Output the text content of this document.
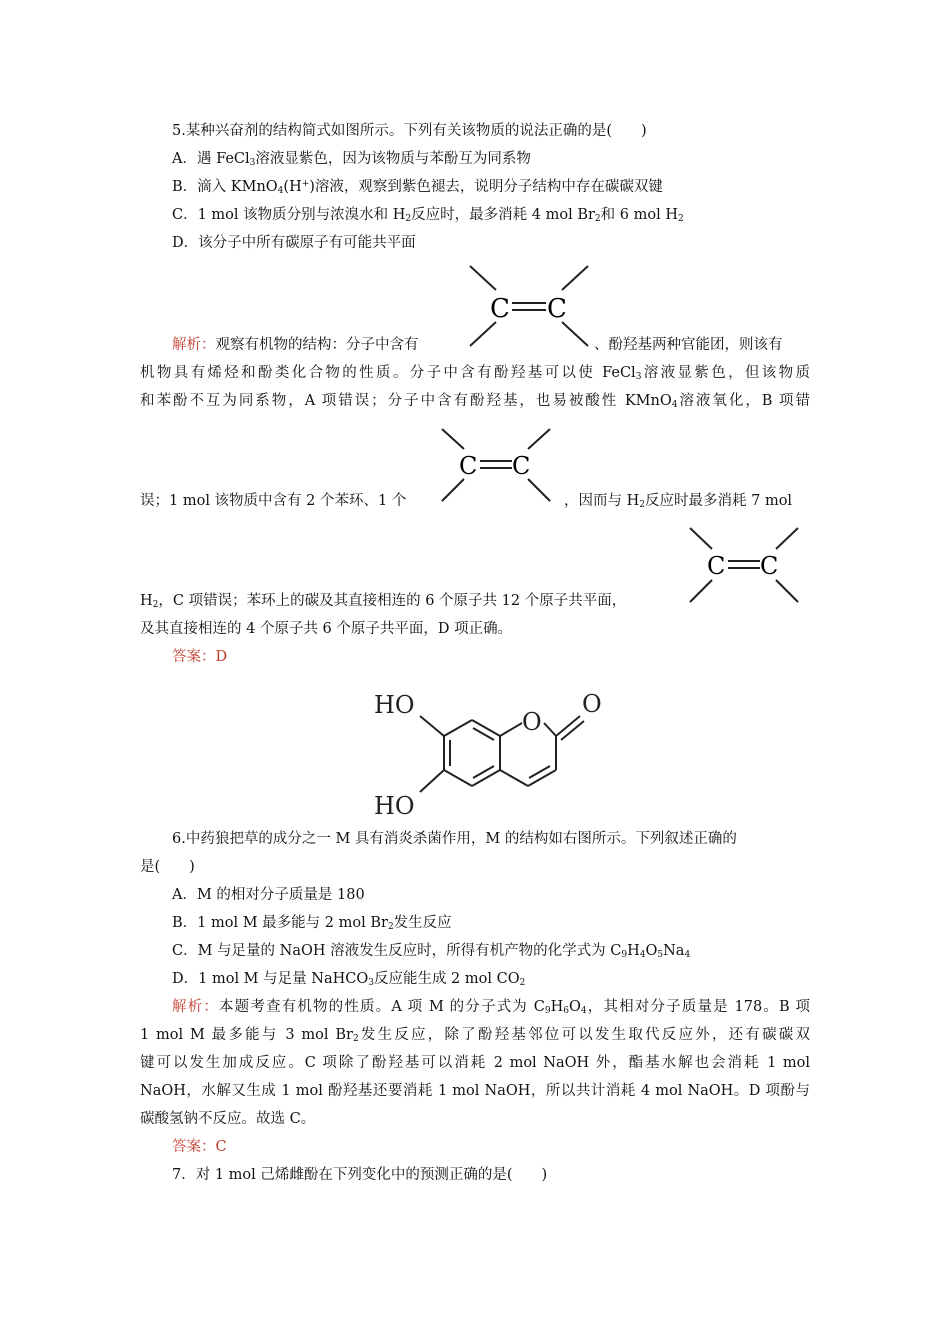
5.某种兴奋剂的结构简式如图所示。下列有关该物质的说法正确的是(　　)
A．遇 FeCl$_3$溶液显紫色，因为该物质与苯酚互为同系物
B．滴入 KMnO$_4$(H+)溶液，观察到紫色褪去，说明分子结构中存在碳碳双键
C．1 mol 该物质分别与浓溴水和 $H_2$反应时，最多消耗 4 mol $Br_2$和 6 mol $H_2$
D．该分子中所有碳原子有可能共平面
C C
解析：观察有机物的结构：分子中含有	、酚羟基两种官能团，则该有
机物具有烯烃和酚类化合物的性质。分子中含有酚羟基可以使 FeCl$_3$溶液显紫色，但该物质
和苯酚不互为同系物，A 项错误；分子中含有酚羟基，也易被酸性 KMnO$_4$溶液氧化，B 项错
C C
误；1 mol 该物质中含有 2 个苯环、1 个	，因而与 $H_2$反应时最多消耗 7 mol
C C
$H_2$，C 项错误；苯环上的碳及其直接相连的 6 个原子共 12 个原子共平面，
及其直接相连的 4 个原子共 6 个原子共平面，D 项正确。
答案：D
HO
HO
O
O
6.中药狼把草的成分之一 M 具有消炎杀菌作用，M 的结构如右图所示。下列叙述正确的
是(　　)
A．M 的相对分子质量是 180
B．1 mol M 最多能与 2 mol $Br_2$发生反应
C．M 与足量的 NaOH 溶液发生反应时，所得有机产物的化学式为 $C_9H_4O_5Na_4$
D．1 mol M 与足量 NaHCO$_3$反应能生成 2 mol $CO_2$
解析：本题考查有机物的性质。A 项 M 的分子式为 $C_9H_6O_4$，其相对分子质量是 178。B 项
1 mol M 最多能与 3 mol $Br_2$发生反应，除了酚羟基邻位可以发生取代反应外，还有碳碳双
键可以发生加成反应。C 项除了酚羟基可以消耗 2 mol NaOH 外，酯基水解也会消耗 1 mol
NaOH，水解又生成 1 mol 酚羟基还要消耗 1 mol NaOH，所以共计消耗 4 mol NaOH。D 项酚与
碳酸氢钠不反应。故选 C。
答案：C
7．对 1 mol 己烯雌酚在下列变化中的预测正确的是(　　)
